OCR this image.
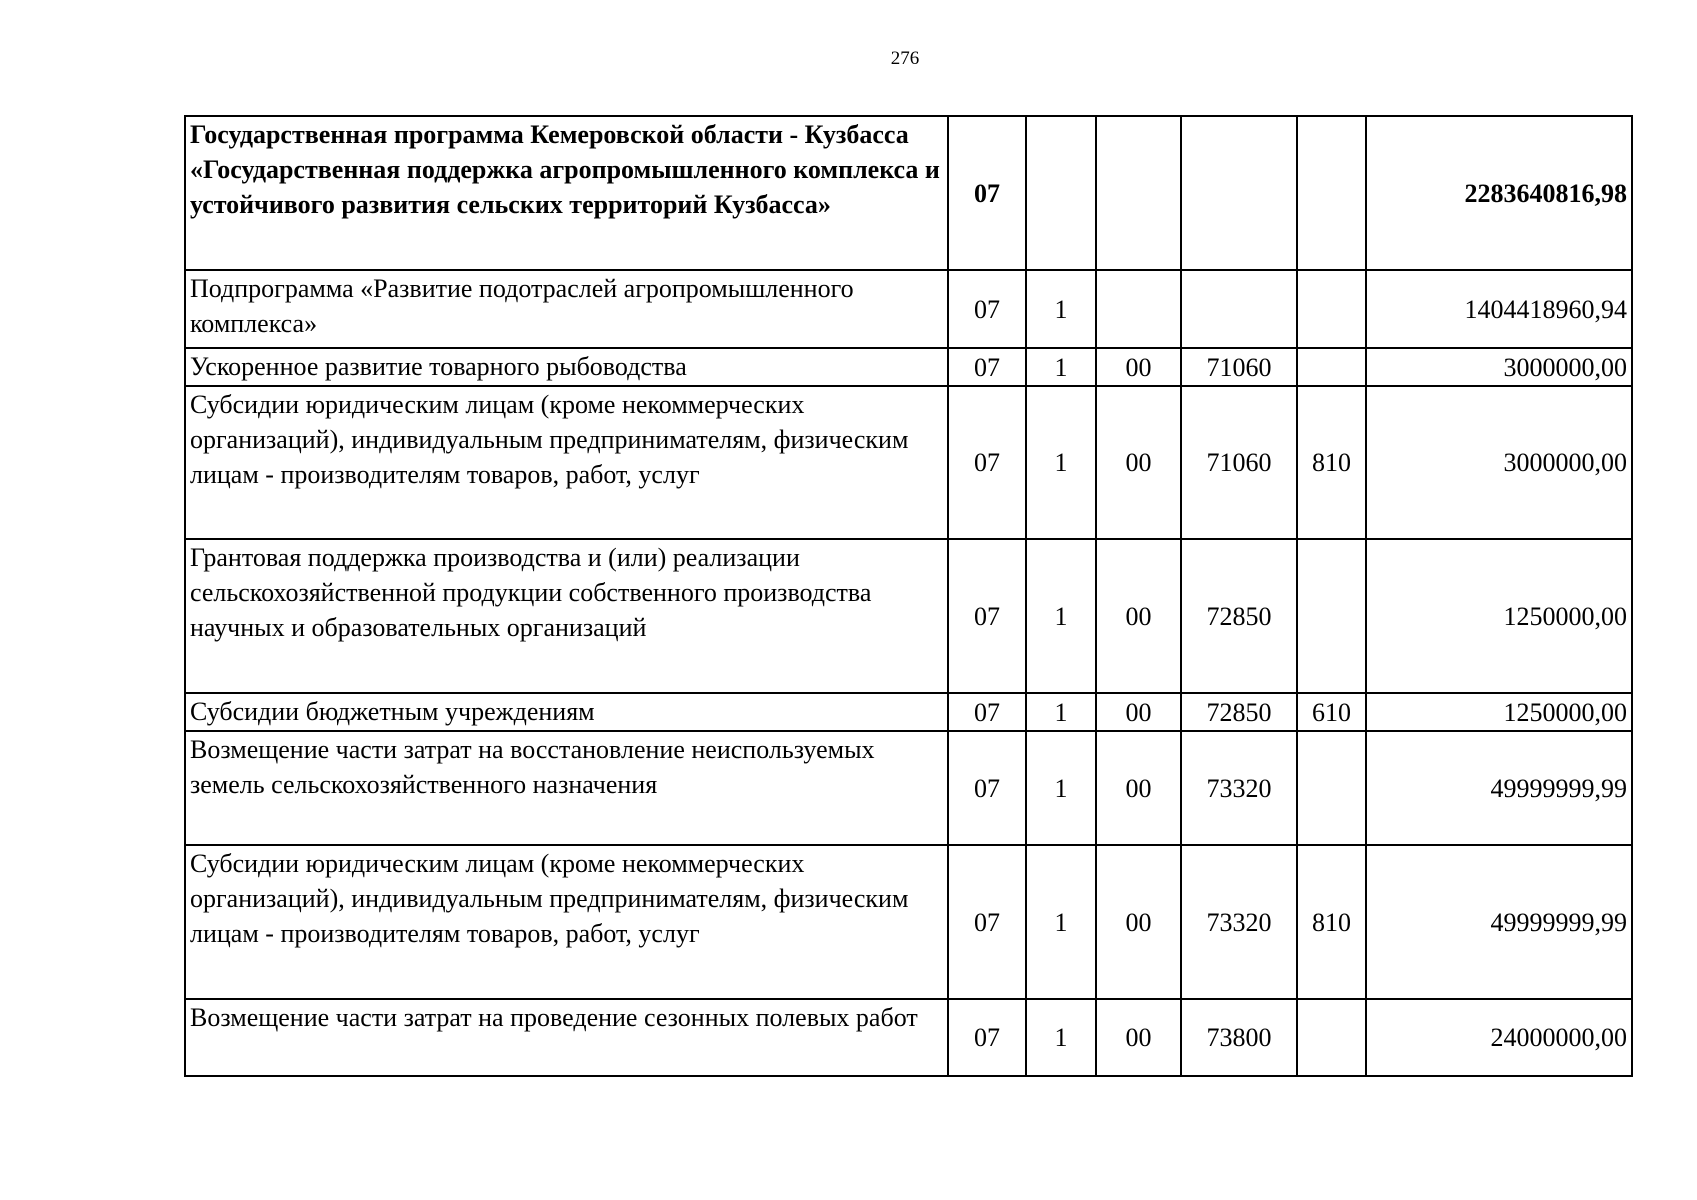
276
Государственная программа Кемеровской области - Кузбасса «Государственная поддержка агропромышленного комплекса и устойчивого развития сельских территорий Кузбасса»	07					2283640816,98
Подпрограмма «Развитие подотраслей агропромышленного комплекса»	07	1				1404418960,94
Ускоренное развитие товарного рыбоводства	07	1	00	71060		3000000,00
Субсидии юридическим лицам (кроме некоммерческих организаций), индивидуальным предпринимателям, физическим лицам - производителям товаров, работ, услуг	07	1	00	71060	810	3000000,00
Грантовая поддержка производства и (или) реализации сельскохозяйственной продукции собственного производства научных и образовательных организаций	07	1	00	72850		1250000,00
Субсидии бюджетным учреждениям	07	1	00	72850	610	1250000,00
Возмещение части затрат на восстановление неиспользуемых земель сельскохозяйственного назначения	07	1	00	73320		49999999,99
Субсидии юридическим лицам (кроме некоммерческих организаций), индивидуальным предпринимателям, физическим лицам - производителям товаров, работ, услуг	07	1	00	73320	810	49999999,99
Возмещение части затрат на проведение сезонных полевых работ	07	1	00	73800		24000000,00
